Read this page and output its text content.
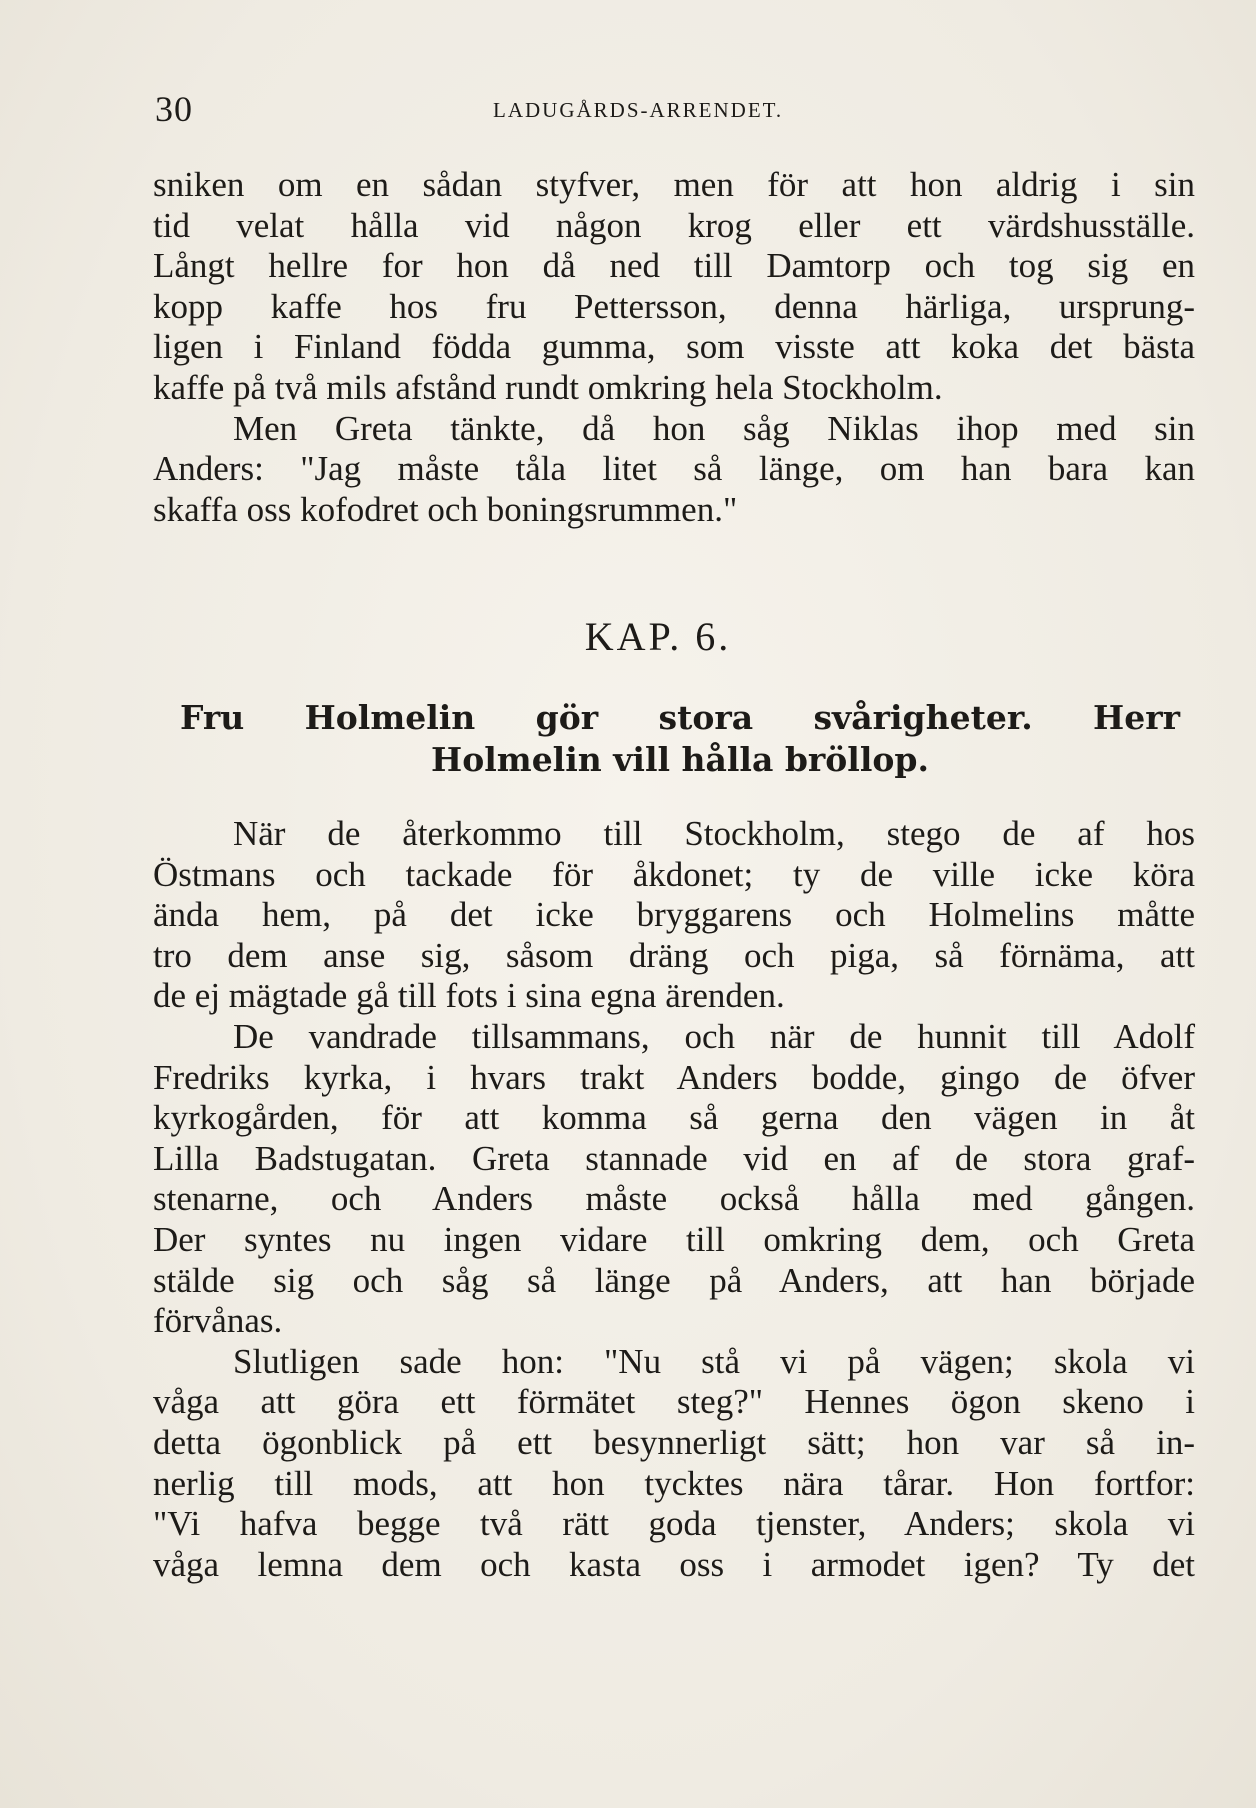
30	LADUGÅRDS-ARRENDET.
sniken om en sådan styfver, men för att hon aldrig i sin
tid velat hålla vid någon krog eller ett värdshusställe.
Långt hellre for hon då ned till Damtorp och tog sig en
kopp kaffe hos fru Pettersson, denna härliga, ursprung-
ligen i Finland födda gumma, som visste att koka det bästa
kaffe på två mils afstånd rundt omkring hela Stockholm.
Men Greta tänkte, då hon såg Niklas ihop med sin
Anders: "Jag måste tåla litet så länge, om han bara kan
skaffa oss kofodret och boningsrummen."
KAP. 6.
Fru Holmelin gör stora svårigheter. Herr
Holmelin vill hålla bröllop.
När de återkommo till Stockholm, stego de af hos
Östmans och tackade för åkdonet; ty de ville icke köra
ända hem, på det icke bryggarens och Holmelins måtte
tro dem anse sig, såsom dräng och piga, så förnäma, att
de ej mägtade gå till fots i sina egna ärenden.
De vandrade tillsammans, och när de hunnit till Adolf
Fredriks kyrka, i hvars trakt Anders bodde, gingo de öfver
kyrkogården, för att komma så gerna den vägen in åt
Lilla Badstugatan. Greta stannade vid en af de stora graf-
stenarne, och Anders måste också hålla med gången.
Der syntes nu ingen vidare till omkring dem, och Greta
stälde sig och såg så länge på Anders, att han började
förvånas.
Slutligen sade hon: "Nu stå vi på vägen; skola vi
våga att göra ett förmätet steg?" Hennes ögon skeno i
detta ögonblick på ett besynnerligt sätt; hon var så in-
nerlig till mods, att hon tycktes nära tårar. Hon fortfor:
"Vi hafva begge två rätt goda tjenster, Anders; skola vi
våga lemna dem och kasta oss i armodet igen? Ty det
